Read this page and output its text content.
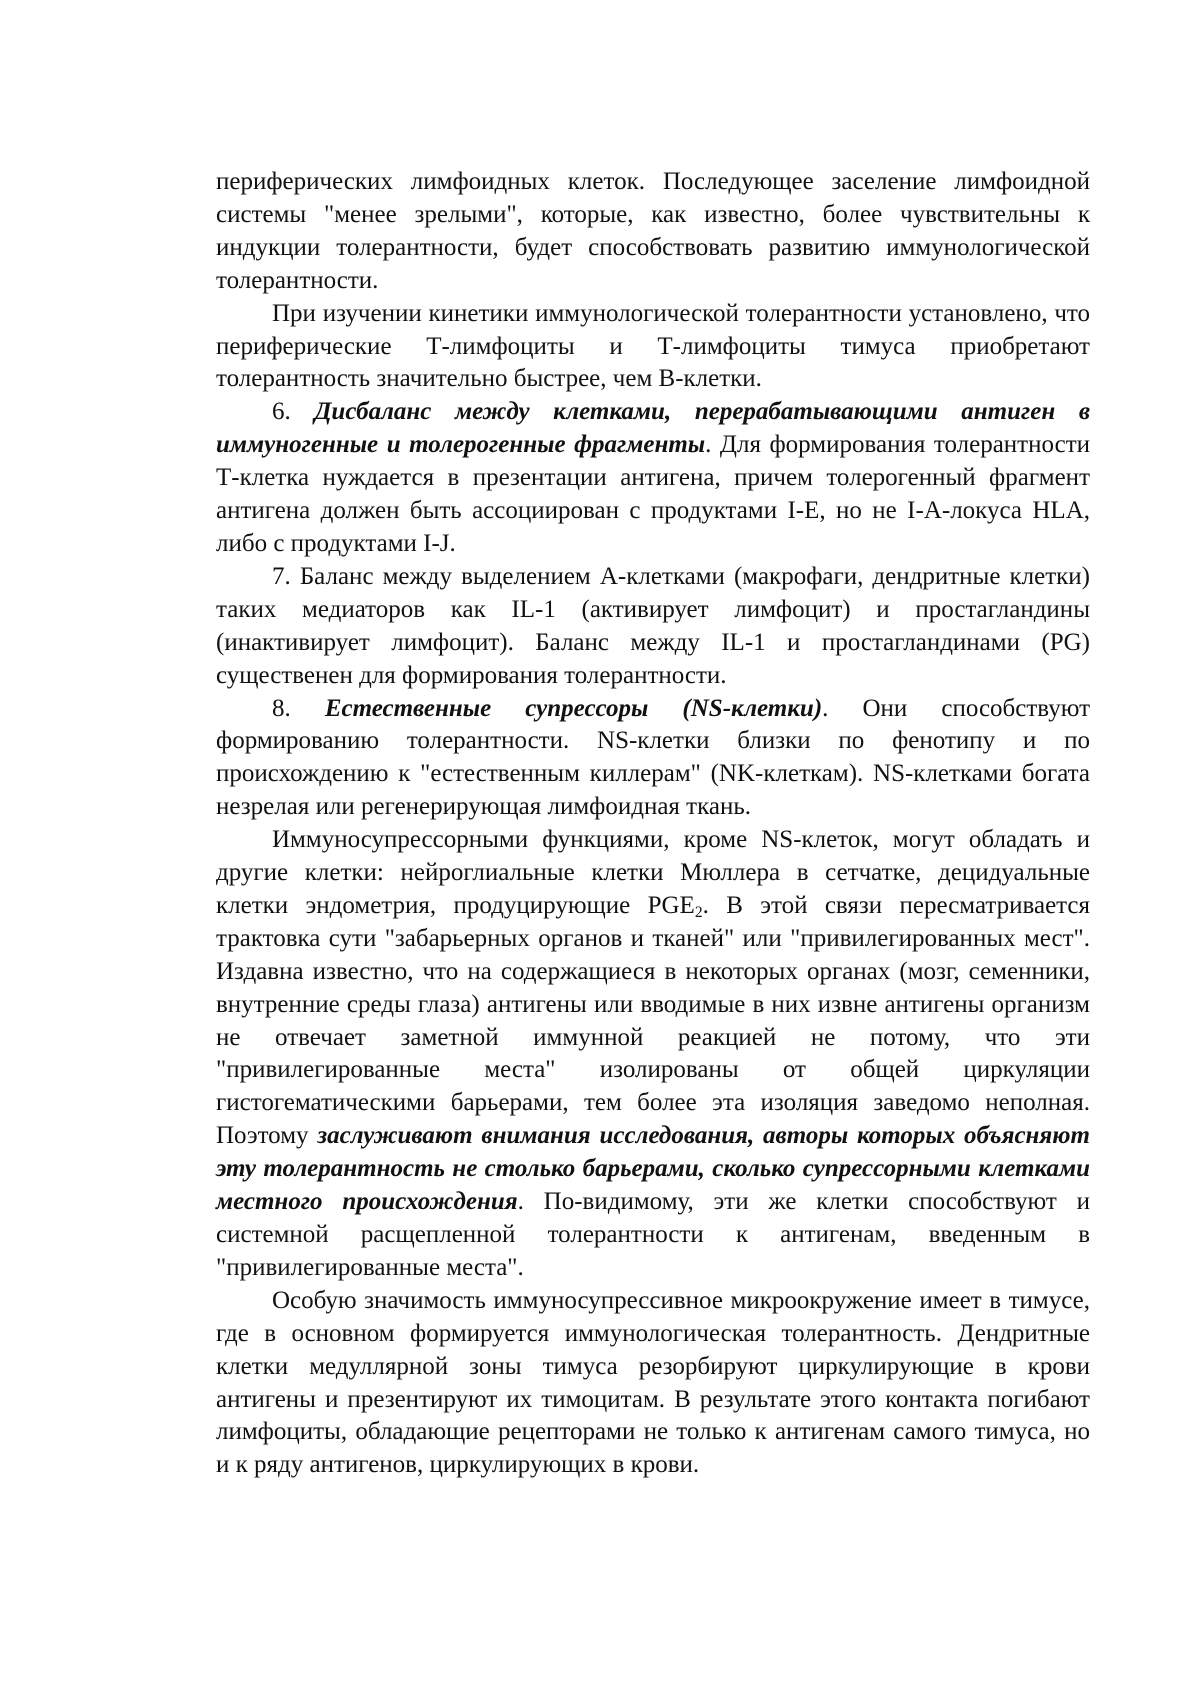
периферических лимфоидных клеток. Последующее заселение лимфоидной системы "менее зрелыми", которые, как известно, более чувствительны к индукции толерантности, будет способствовать развитию иммунологической толерантности.

При изучении кинетики иммунологической толерантности установлено, что периферические Т-лимфоциты и Т-лимфоциты тимуса приобретают толерантность значительно быстрее, чем В-клетки.

6. Дисбаланс между клетками, перерабатывающими антиген в иммуногенные и толерогенные фрагменты. Для формирования толерантности Т-клетка нуждается в презентации антигена, причем толерогенный фрагмент антигена должен быть ассоциирован с продуктами I-Е, но не I-А-локуса HLA, либо с продуктами I-J.

7. Баланс между выделением А-клетками (макрофаги, дендритные клетки) таких медиаторов как IL-1 (активирует лимфоцит) и простагландины (инактивирует лимфоцит). Баланс между IL-1 и простагландинами (PG) существенен для формирования толерантности.

8. Естественные супрессоры (NS-клетки). Они способствуют формированию толерантности. NS-клетки близки по фенотипу и по происхождению к "естественным киллерам" (NK-клеткам). NS-клетками богата незрелая или регенерирующая лимфоидная ткань.

Иммуносупрессорными функциями, кроме NS-клеток, могут обладать и другие клетки: нейроглиальные клетки Мюллера в сетчатке, децидуальные клетки эндометрия, продуцирующие $PGE_2$. В этой связи пересматривается трактовка сути "забарьерных органов и тканей" или "привилегированных мест". Издавна известно, что на содержащиеся в некоторых органах (мозг, семенники, внутренние среды глаза) антигены или вводимые в них извне антигены организм не отвечает заметной иммунной реакцией не потому, что эти "привилегированные места" изолированы от общей циркуляции гистогематическими барьерами, тем более эта изоляция заведомо неполная. Поэтому заслуживают внимания исследования, авторы которых объясняют эту толерантность не столько барьерами, сколько супрессорными клетками местного происхождения. По-видимому, эти же клетки способствуют и системной расщепленной толерантности к антигенам, введенным в "привилегированные места".

Особую значимость иммуносупрессивное микроокружение имеет в тимусе, где в основном формируется иммунологическая толерантность. Дендритные клетки медуллярной зоны тимуса резорбируют циркулирующие в крови антигены и презентируют их тимоцитам. В результате этого контакта погибают лимфоциты, обладающие рецепторами не только к антигенам самого тимуса, но и к ряду антигенов, циркулирующих в крови.
